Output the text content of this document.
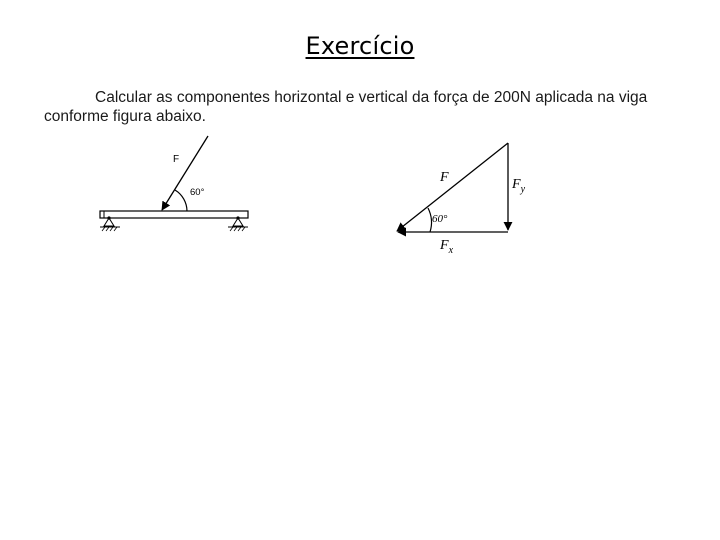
Exercício
Calcular as componentes horizontal e vertical da força de 200N aplicada na viga
conforme figura abaixo.
F
60°
F
60°
$F_y$
$F_x$
